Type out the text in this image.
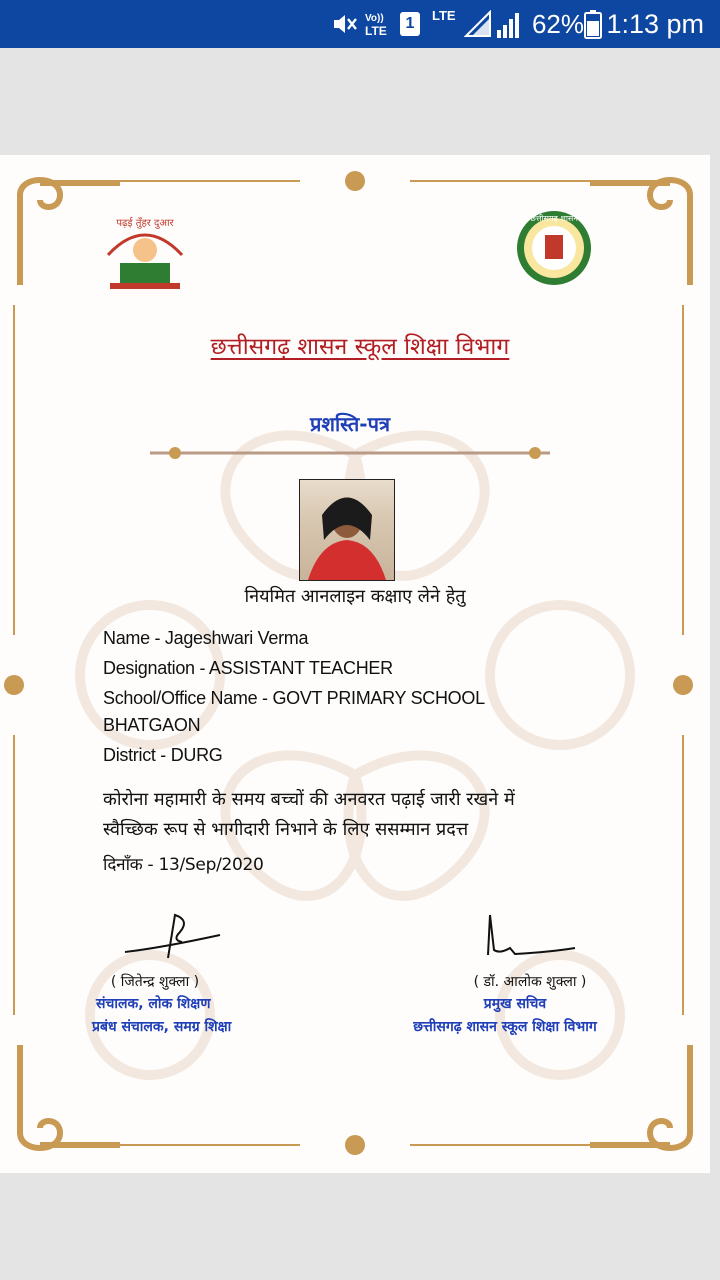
Vo))
LTE	1	LTE	62% 1:13 pm
पढ़ई तुँहर दुआर	छत्तीसगढ़ शासन
छत्तीसगढ़ शासन स्कूल शिक्षा विभाग
प्रशस्ति-पत्र
नियमित आनलाइन कक्षाए लेने हेतु
Name - Jageshwari Verma
Designation - ASSISTANT TEACHER
School/Office Name - GOVT PRIMARY SCHOOL
BHATGAON
District - DURG
कोरोना महामारी के समय बच्चों की अनवरत पढ़ाई जारी रखने में
स्वैच्छिक रूप से भागीदारी निभाने के लिए ससम्मान प्रदत्त
दिनाँक - 13/Sep/2020
( जितेन्द्र शुक्ला )
संचालक, लोक शिक्षण
प्रबंध संचालक, समग्र शिक्षा
( डॉ. आलोक शुक्ला )
प्रमुख सचिव
छत्तीसगढ़ शासन स्कूल शिक्षा विभाग
